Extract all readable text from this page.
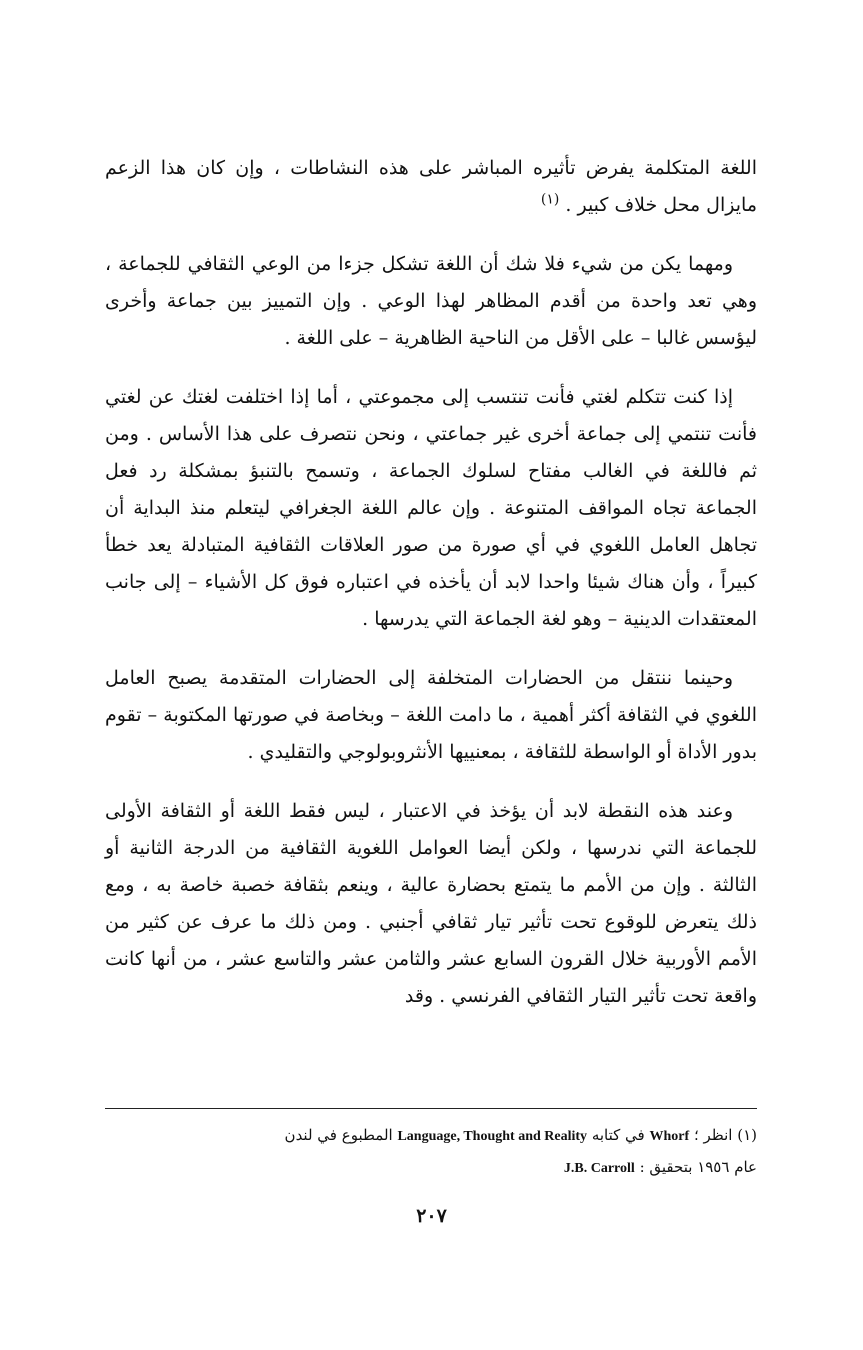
اللغة المتكلمة يفرض تأثيره المباشر على هذه النشاطات ، وإن كان هذا الزعم مايزال محل خلاف كبير . $^{(١)}$

ومهما يكن من شيء فلا شك أن اللغة تشكل جزءا من الوعي الثقافي للجماعة ، وهي تعد واحدة من أقدم المظاهر لهذا الوعي . وإن التمييز بين جماعة وأخرى ليؤسس غالبا – على الأقل من الناحية الظاهرية – على اللغة .

إذا كنت تتكلم لغتي فأنت تنتسب إلى مجموعتي ، أما إذا اختلفت لغتك عن لغتي فأنت تنتمي إلى جماعة أخرى غير جماعتي ، ونحن نتصرف على هذا الأساس . ومن ثم فاللغة في الغالب مفتاح لسلوك الجماعة ، وتسمح بالتنبؤ بمشكلة رد فعل الجماعة تجاه المواقف المتنوعة . وإن عالم اللغة الجغرافي ليتعلم منذ البداية أن تجاهل العامل اللغوي في أي صورة من صور العلاقات الثقافية المتبادلة يعد خطأ كبيراً ، وأن هناك شيئا واحدا لابد أن يأخذه في اعتباره فوق كل الأشياء – إلى جانب المعتقدات الدينية – وهو لغة الجماعة التي يدرسها .

وحينما ننتقل من الحضارات المتخلفة إلى الحضارات المتقدمة يصبح العامل اللغوي في الثقافة أكثر أهمية ، ما دامت اللغة – وبخاصة في صورتها المكتوبة – تقوم بدور الأداة أو الواسطة للثقافة ، بمعنييها الأنثروبولوجي والتقليدي .

وعند هذه النقطة لابد أن يؤخذ في الاعتبار ، ليس فقط اللغة أو الثقافة الأولى للجماعة التي ندرسها ، ولكن أيضا العوامل اللغوية الثقافية من الدرجة الثانية أو الثالثة . وإن من الأمم ما يتمتع بحضارة عالية ، وينعم بثقافة خصبة خاصة به ، ومع ذلك يتعرض للوقوع تحت تأثير تيار ثقافي أجنبي . ومن ذلك ما عرف عن كثير من الأمم الأوربية خلال القرون السابع عشر والثامن عشر والتاسع عشر ، من أنها كانت واقعة تحت تأثير التيار الثقافي الفرنسي . وقد

(١) انظر ؛ Whorf في كتابه Language, Thought and Reality المطبوع في لندن

عام ١٩٥٦ بتحقيق : J.B. Carroll

٢٠٧
